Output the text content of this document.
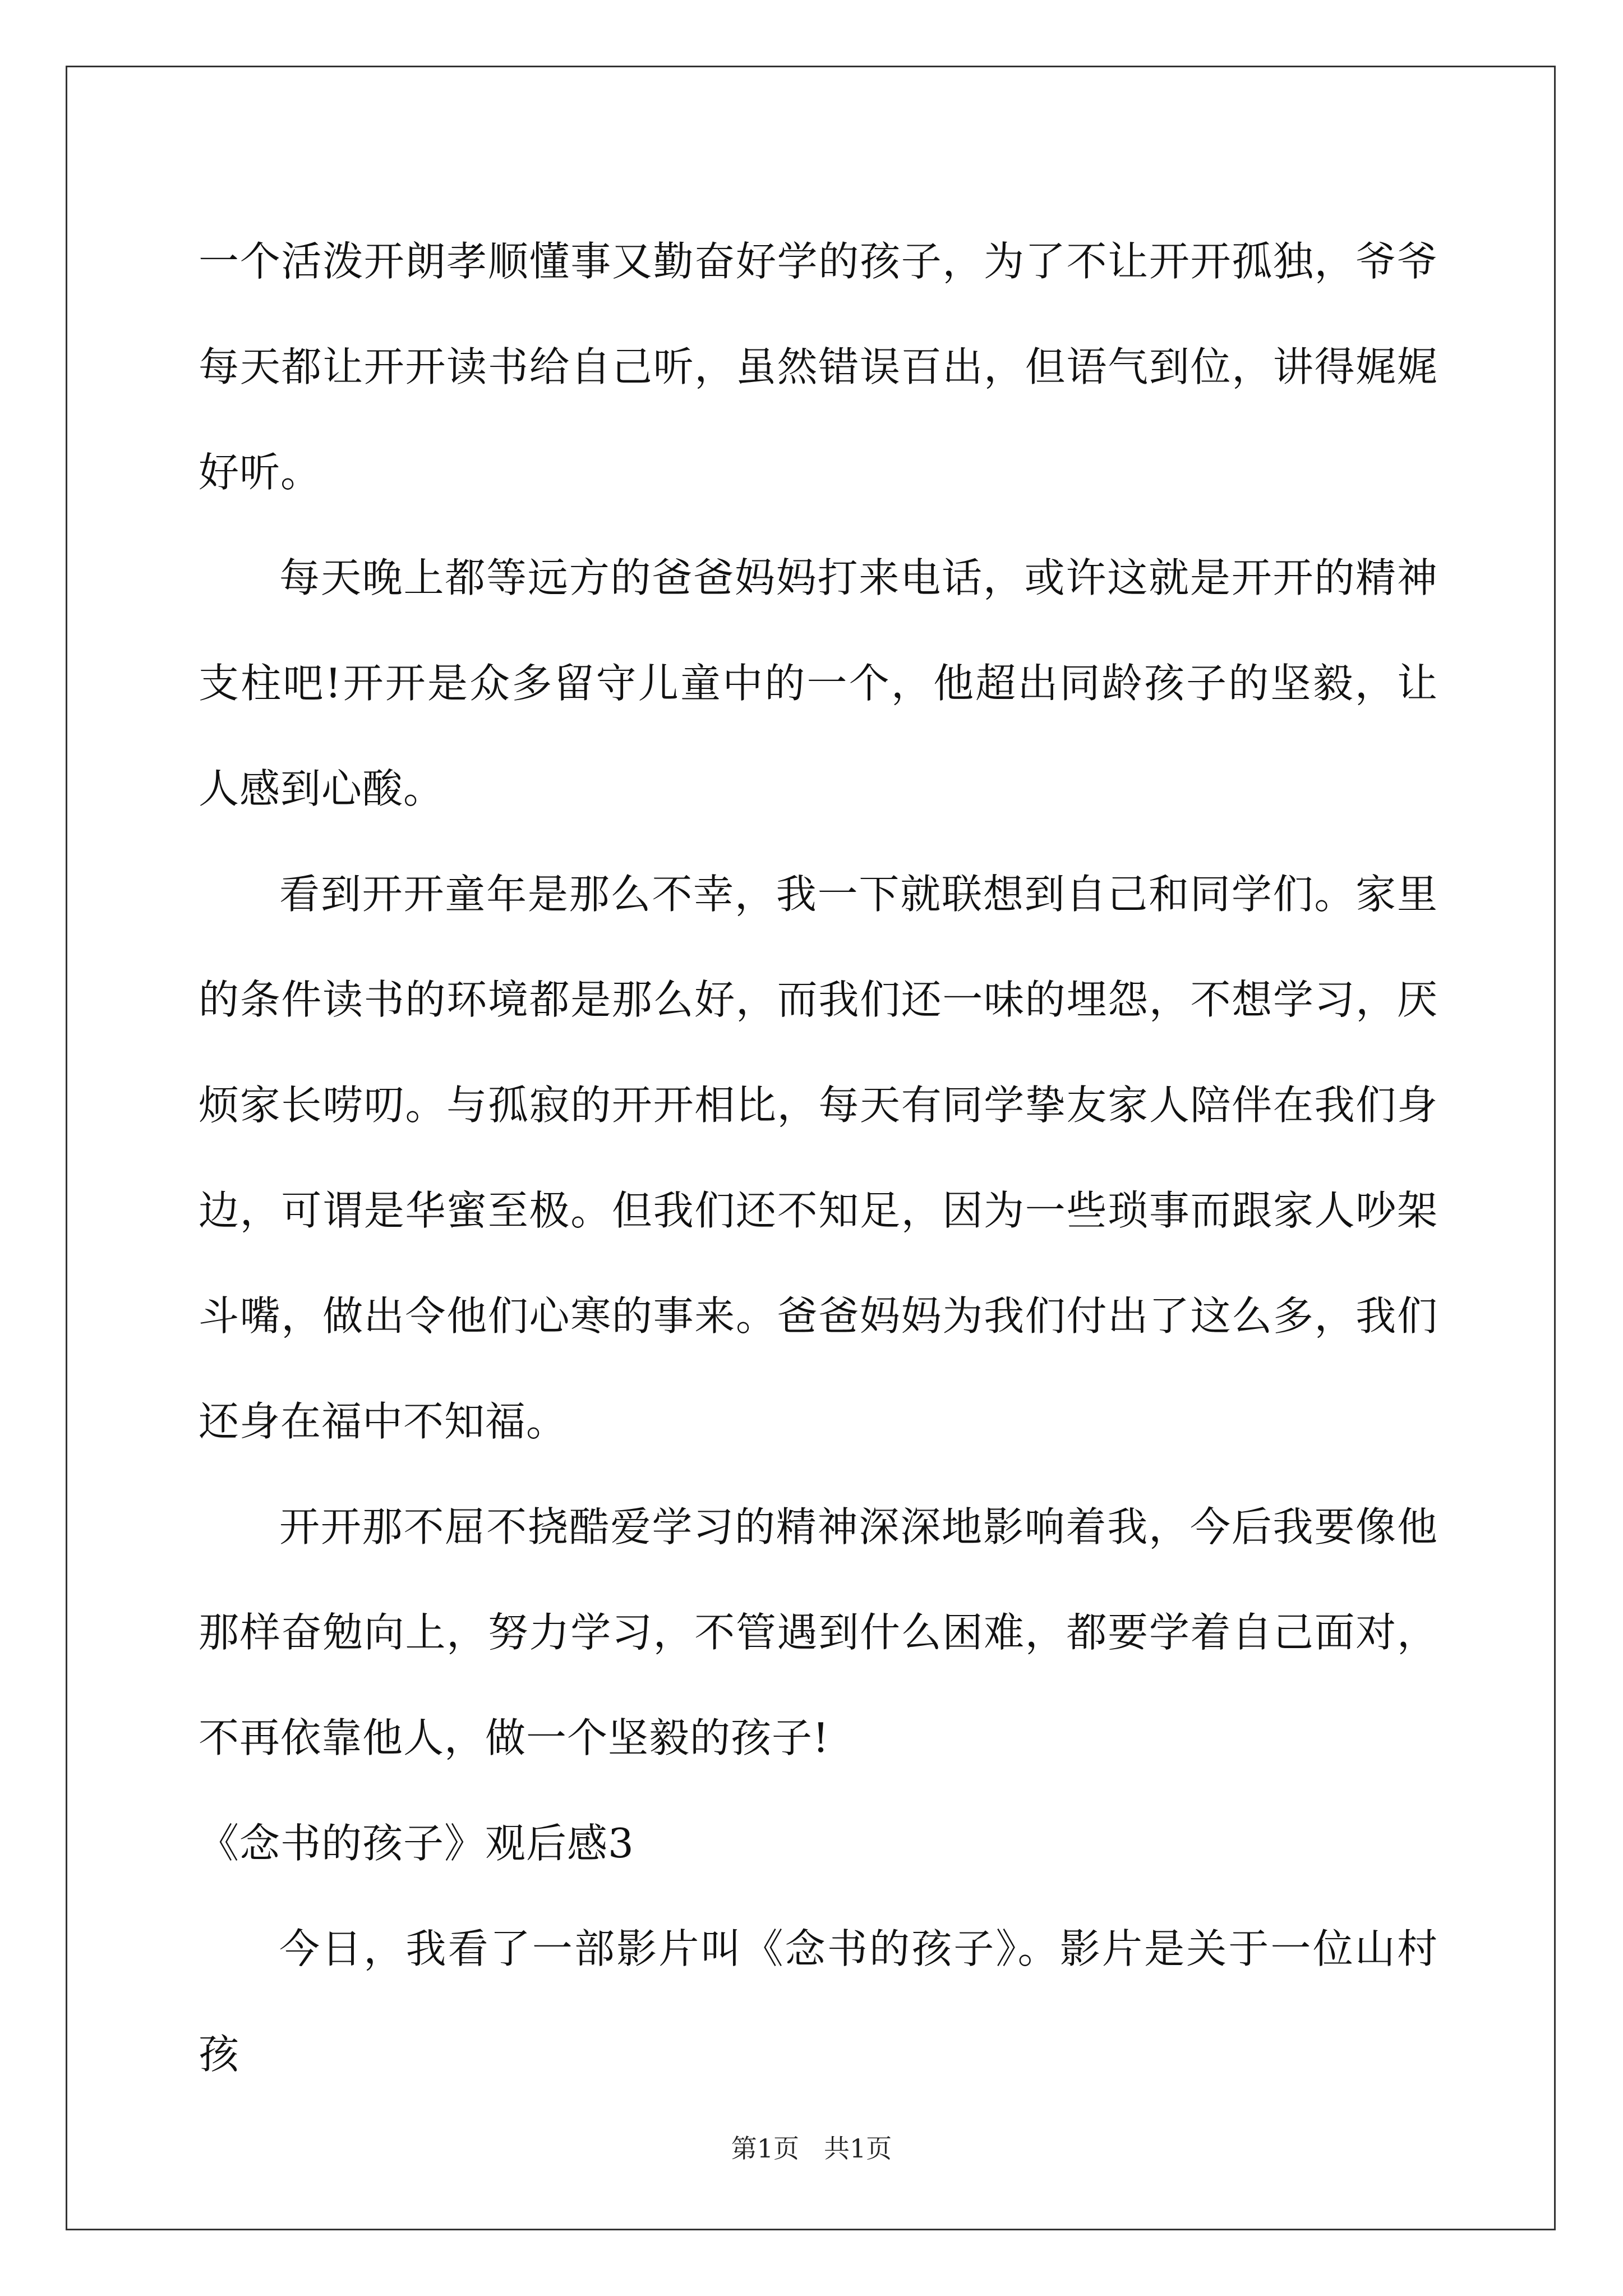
一个活泼开朗孝顺懂事又勤奋好学的孩子，为了不让开开孤独，爷爷每天都让开开读书给自己听，虽然错误百出，但语气到位，讲得娓娓好听。

每天晚上都等远方的爸爸妈妈打来电话，或许这就是开开的精神支柱吧!开开是众多留守儿童中的一个，他超出同龄孩子的坚毅，让人感到心酸。

看到开开童年是那么不幸，我一下就联想到自己和同学们。家里的条件读书的环境都是那么好，而我们还一味的埋怨，不想学习，厌烦家长唠叨。与孤寂的开开相比，每天有同学挚友家人陪伴在我们身边，可谓是华蜜至极。但我们还不知足，因为一些琐事而跟家人吵架斗嘴，做出令他们心寒的事来。爸爸妈妈为我们付出了这么多，我们还身在福中不知福。

开开那不屈不挠酷爱学习的精神深深地影响着我，今后我要像他那样奋勉向上，努力学习，不管遇到什么困难，都要学着自己面对，不再依靠他人，做一个坚毅的孩子!

《念书的孩子》观后感3

今日，我看了一部影片叫《念书的孩子》。影片是关于一位山村孩

第1页 共1页
